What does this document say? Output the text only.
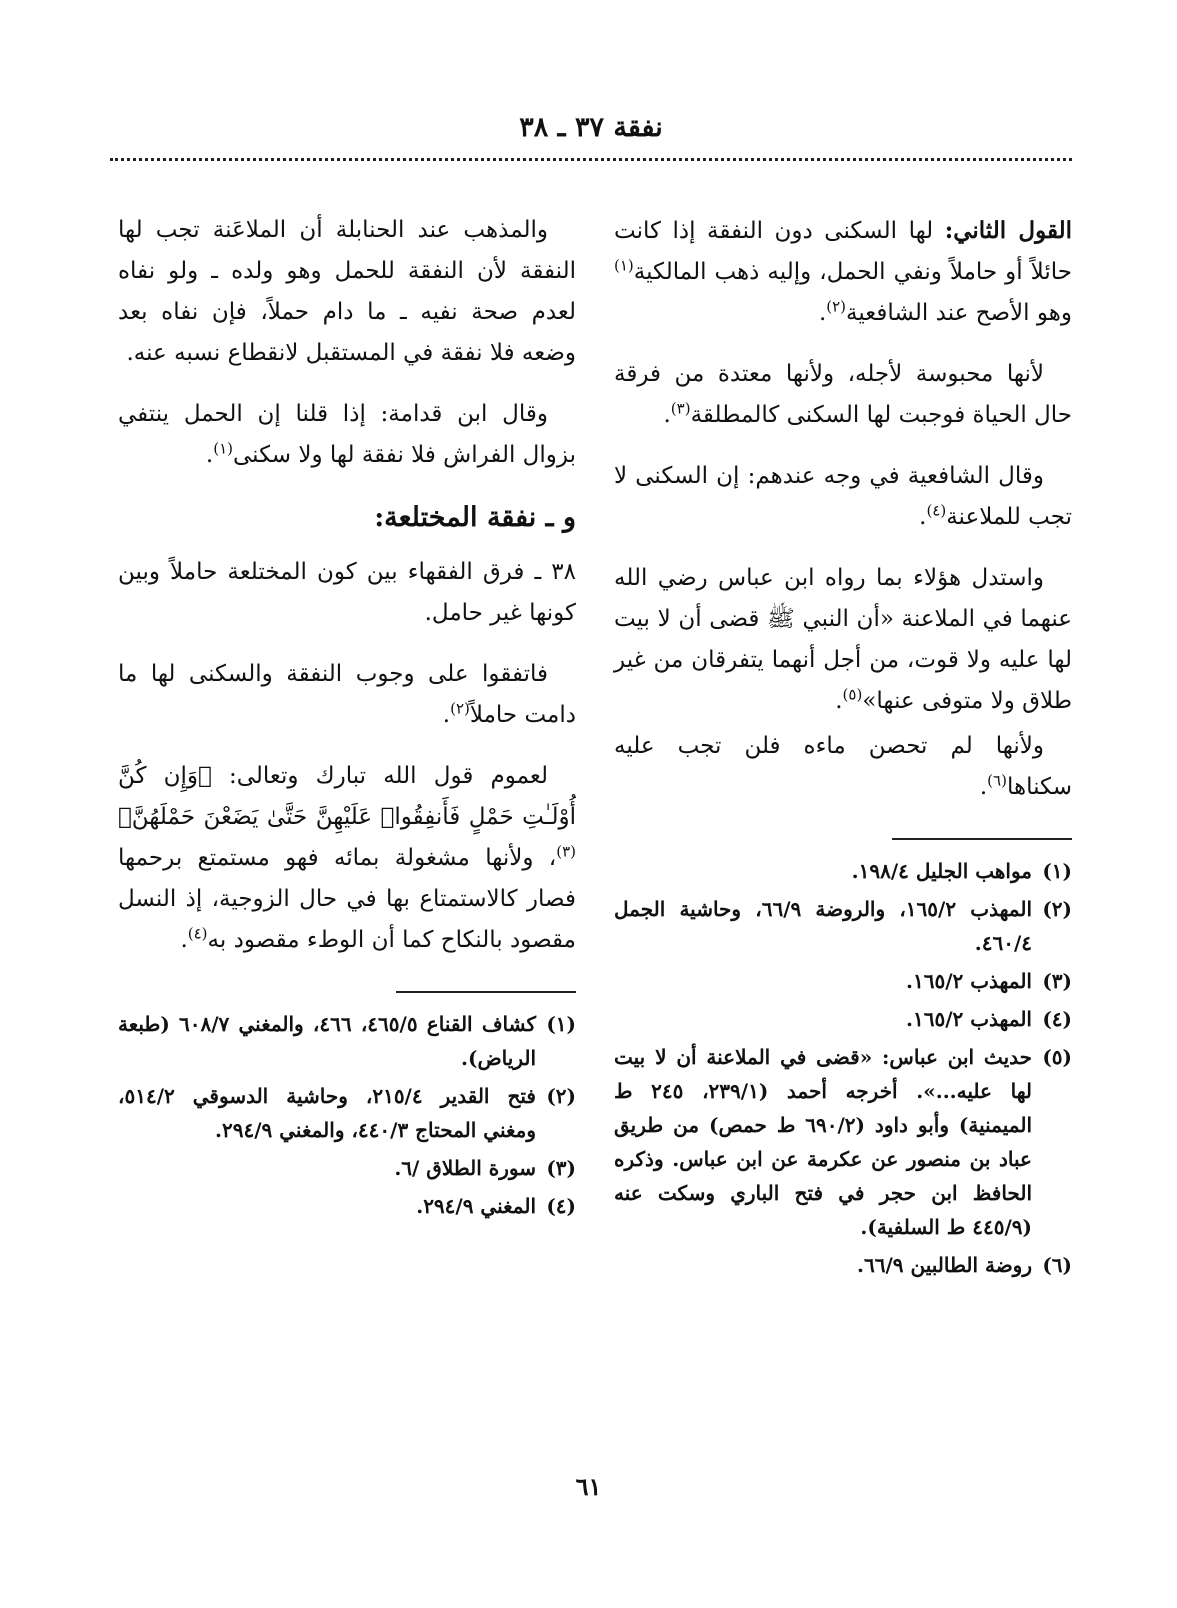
نفقة ٣٧ ـ ٣٨

القول الثاني: لها السكنى دون النفقة إذا كانت حائلاً أو حاملاً ونفي الحمل، وإليه ذهب المالكية$^{(١)}$ وهو الأصح عند الشافعية$^{(٢)}$.

لأنها محبوسة لأجله، ولأنها معتدة من فرقة حال الحياة فوجبت لها السكنى كالمطلقة$^{(٣)}$.

وقال الشافعية في وجه عندهم: إن السكنى لا تجب للملاعنة$^{(٤)}$.

واستدل هؤلاء بما رواه ابن عباس رضي الله عنهما في الملاعنة «أن النبي ﷺ قضى أن لا بيت لها عليه ولا قوت، من أجل أنهما يتفرقان من غير طلاق ولا متوفى عنها»$^{(٥)}$.

ولأنها لم تحصن ماءه فلن تجب عليه سكناها$^{(٦)}$.

(١)
مواهب الجليل ١٩٨/٤.
(٢)
المهذب ١٦٥/٢، والروضة ٦٦/٩، وحاشية الجمل ٤٦٠/٤.
(٣)
المهذب ١٦٥/٢.
(٤)
المهذب ١٦٥/٢.
(٥)
حديث ابن عباس: «قضى في الملاعنة أن لا بيت لها عليه...». أخرجه أحمد (٢٣٩/١، ٢٤٥ ط الميمنية) وأبو داود (٦٩٠/٢ ط حمص) من طريق عباد بن منصور عن عكرمة عن ابن عباس. وذكره الحافظ ابن حجر في فتح الباري وسكت عنه (٤٤٥/٩ ط السلفية).
(٦)
روضة الطالبين ٦٦/٩.

والمذهب عند الحنابلة أن الملاعَنة تجب لها النفقة لأن النفقة للحمل وهو ولده ـ ولو نفاه لعدم صحة نفيه ـ ما دام حملاً، فإن نفاه بعد وضعه فلا نفقة في المستقبل لانقطاع نسبه عنه.

وقال ابن قدامة: إذا قلنا إن الحمل ينتفي بزوال الفراش فلا نفقة لها ولا سكنى$^{(١)}$.

و ـ نفقة المختلعة:

٣٨ ـ فرق الفقهاء بين كون المختلعة حاملاً وبين كونها غير حامل.

فاتفقوا على وجوب النفقة والسكنى لها ما دامت حاملاً$^{(٢)}$.

لعموم قول الله تبارك وتعالى: ﴿وَإِن كُنَّ أُوْلَـٰتِ حَمْلٍ فَأَنفِقُوا۟ عَلَيْهِنَّ حَتَّىٰ يَضَعْنَ حَمْلَهُنَّ﴾$^{(٣)}$، ولأنها مشغولة بمائه فهو مستمتع برحمها فصار كالاستمتاع بها في حال الزوجية، إذ النسل مقصود بالنكاح كما أن الوطء مقصود به$^{(٤)}$.

(١)
كشاف القناع ٤٦٥/٥، ٤٦٦، والمغني ٦٠٨/٧ (طبعة الرياض).
(٢)
فتح القدير ٢١٥/٤، وحاشية الدسوقي ٥١٤/٢، ومغني المحتاج ٤٤٠/٣، والمغني ٢٩٤/٩.
(٣)
سورة الطلاق /٦.
(٤)
المغني ٢٩٤/٩.
٦١
